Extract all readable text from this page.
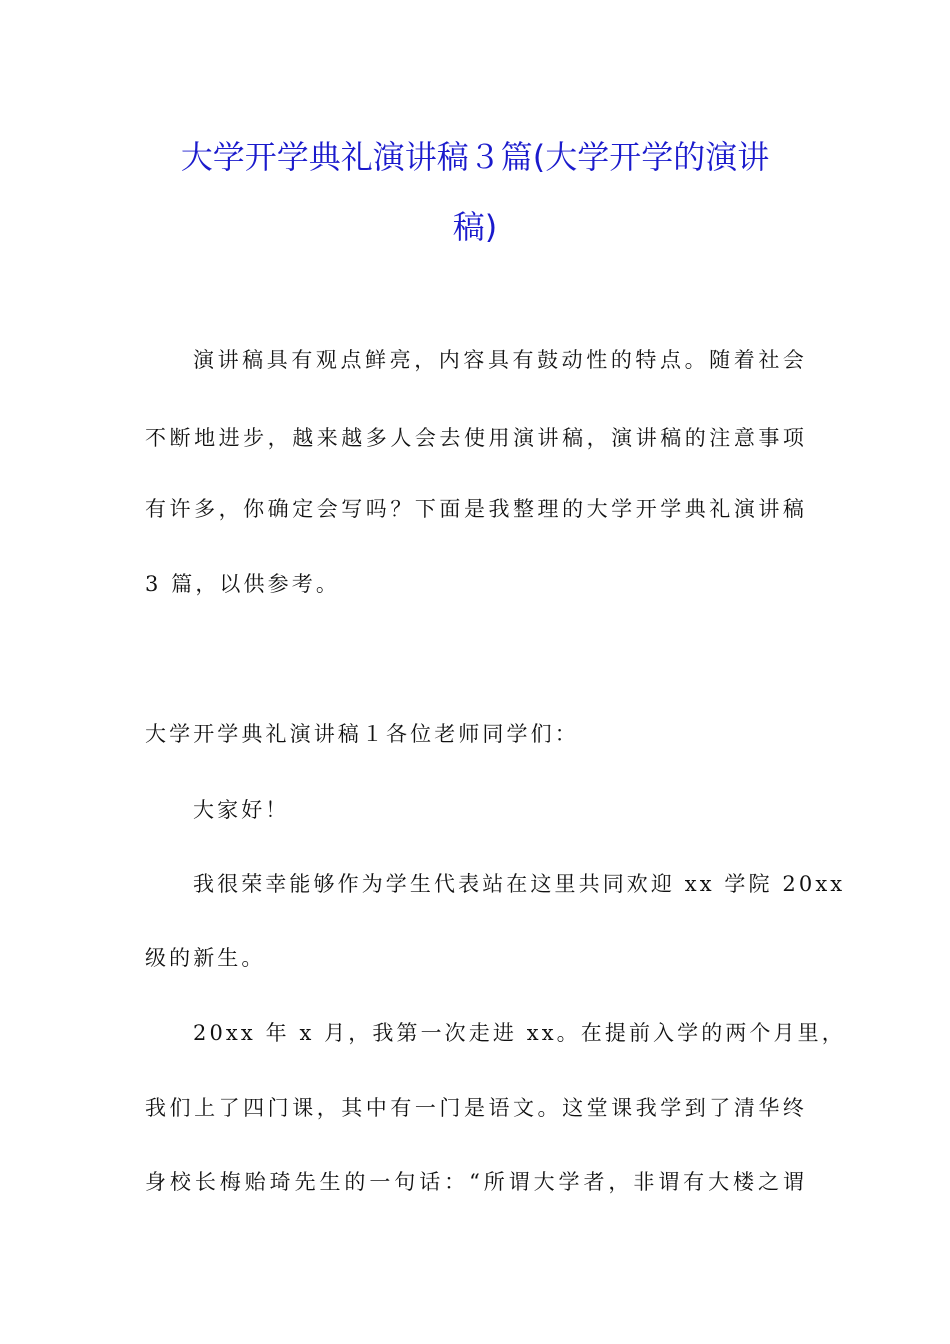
大学开学典礼演讲稿３篇(大学开学的演讲
稿)
演讲稿具有观点鲜亮，内容具有鼓动性的特点。随着社会
不断地进步，越来越多人会去使用演讲稿，演讲稿的注意事项
有许多，你确定会写吗？下面是我整理的大学开学典礼演讲稿
3 篇，以供参考。
大学开学典礼演讲稿１各位老师同学们：
大家好！
我很荣幸能够作为学生代表站在这里共同欢迎 xx 学院 20xx
级的新生。
20xx 年 x 月，我第一次走进 xx。在提前入学的两个月里，
我们上了四门课，其中有一门是语文。这堂课我学到了清华终
身校长梅贻琦先生的一句话：“所谓大学者，非谓有大楼之谓
